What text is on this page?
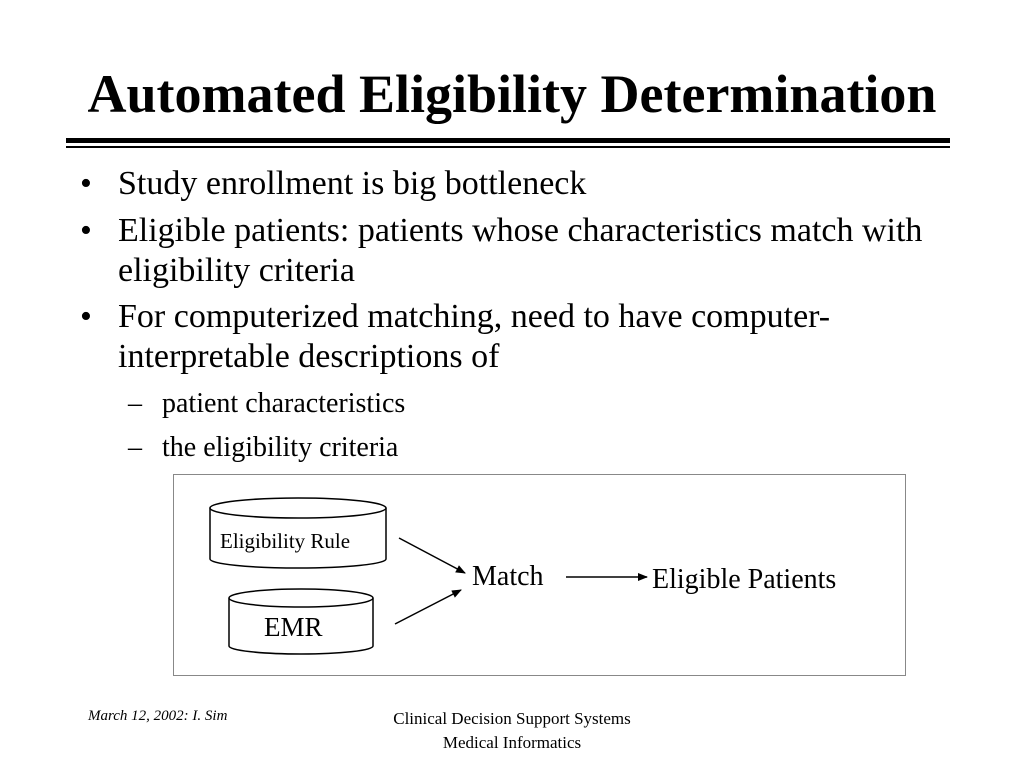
Automated Eligibility Determination
• Study enrollment is big bottleneck
• Eligible patients: patients whose characteristics match with eligibility criteria
• For computerized matching, need to have computer-interpretable descriptions of
– patient characteristics
– the eligibility criteria
Eligibility Rule
EMR
Match	Eligible Patients
March 12, 2002: I. Sim	Clinical Decision Support Systems
Medical Informatics
